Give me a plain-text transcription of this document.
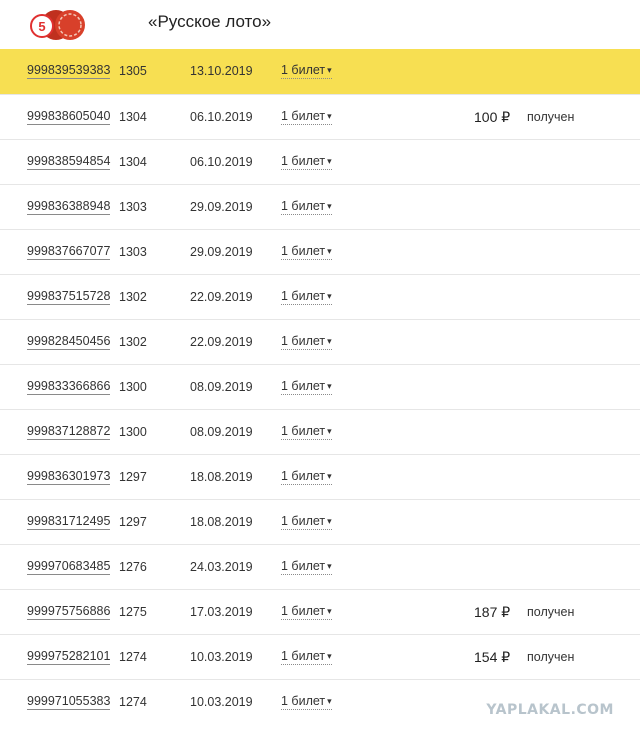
5	«Русское лото»
999839539383 1305	13.10.2019 1 билет ▾
999838605040 1304	06.10.2019 1 билет ▾	100 ₽ получен
999838594854 1304	06.10.2019 1 билет ▾
999836388948 1303	29.09.2019 1 билет ▾
999837667077 1303	29.09.2019 1 билет ▾
999837515728 1302	22.09.2019 1 билет ▾
999828450456 1302	22.09.2019 1 билет ▾
999833366866 1300	08.09.2019 1 билет ▾
999837128872 1300	08.09.2019 1 билет ▾
999836301973 1297	18.08.2019 1 билет ▾
999831712495 1297	18.08.2019 1 билет ▾
999970683485 1276	24.03.2019 1 билет ▾
999975756886 1275	17.03.2019 1 билет ▾	187 ₽ получен
999975282101 1274	10.03.2019 1 билет ▾	154 ₽ получен
999971055383 1274	10.03.2019 1 билет ▾
YAPLAKAL.COM
